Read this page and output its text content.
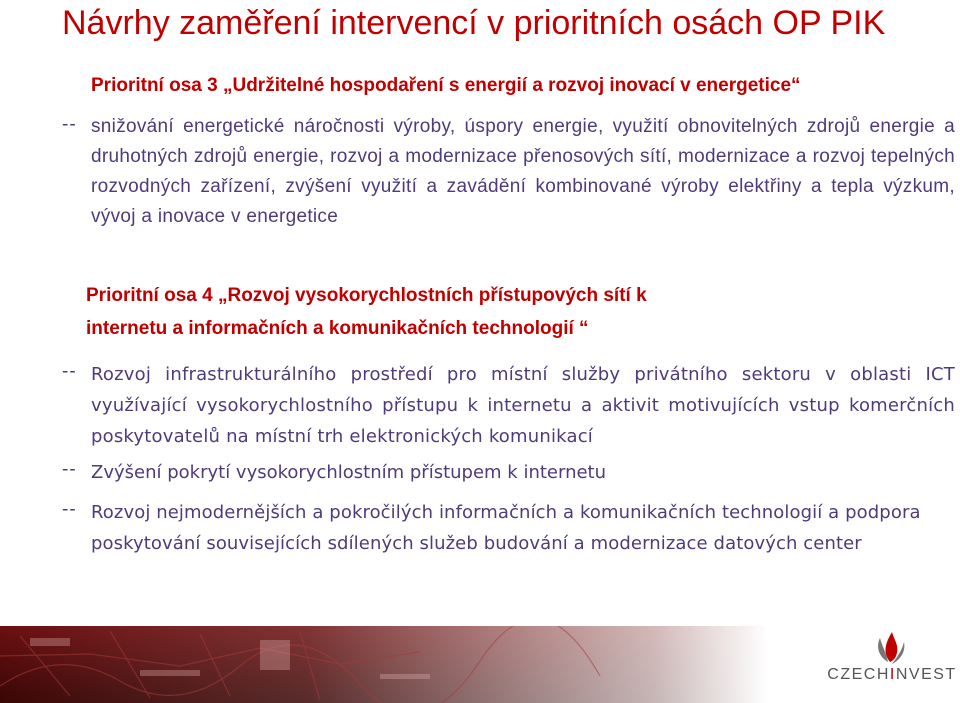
Návrhy zaměření intervencí v prioritních osách OP PIK
Prioritní osa 3 „Udržitelné hospodaření s energií a rozvoj inovací v energetice“
-- snižování energetické náročnosti výroby, úspory energie, využití obnovitelných zdrojů energie a druhotných zdrojů energie, rozvoj a modernizace přenosových sítí, modernizace a rozvoj tepelných rozvodných zařízení, zvýšení využití a zavádění kombinované výroby elektřiny a tepla výzkum, vývoj a inovace v energetice
Prioritní osa 4 „Rozvoj vysokorychlostních přístupových sítí k
internetu a informačních a komunikačních technologií “
-- Rozvoj infrastrukturálního prostředí pro místní služby privátního sektoru v oblasti ICT využívající vysokorychlostního přístupu k internetu a aktivit motivujících vstup komerčních poskytovatelů na místní trh elektronických komunikací
-- Zvýšení pokrytí vysokorychlostním přístupem k internetu
-- Rozvoj nejmodernějších a pokročilých informačních a komunikačních technologií a podpora poskytování souvisejících sdílených služeb budování a modernizace datových center
CZECHINVEST
